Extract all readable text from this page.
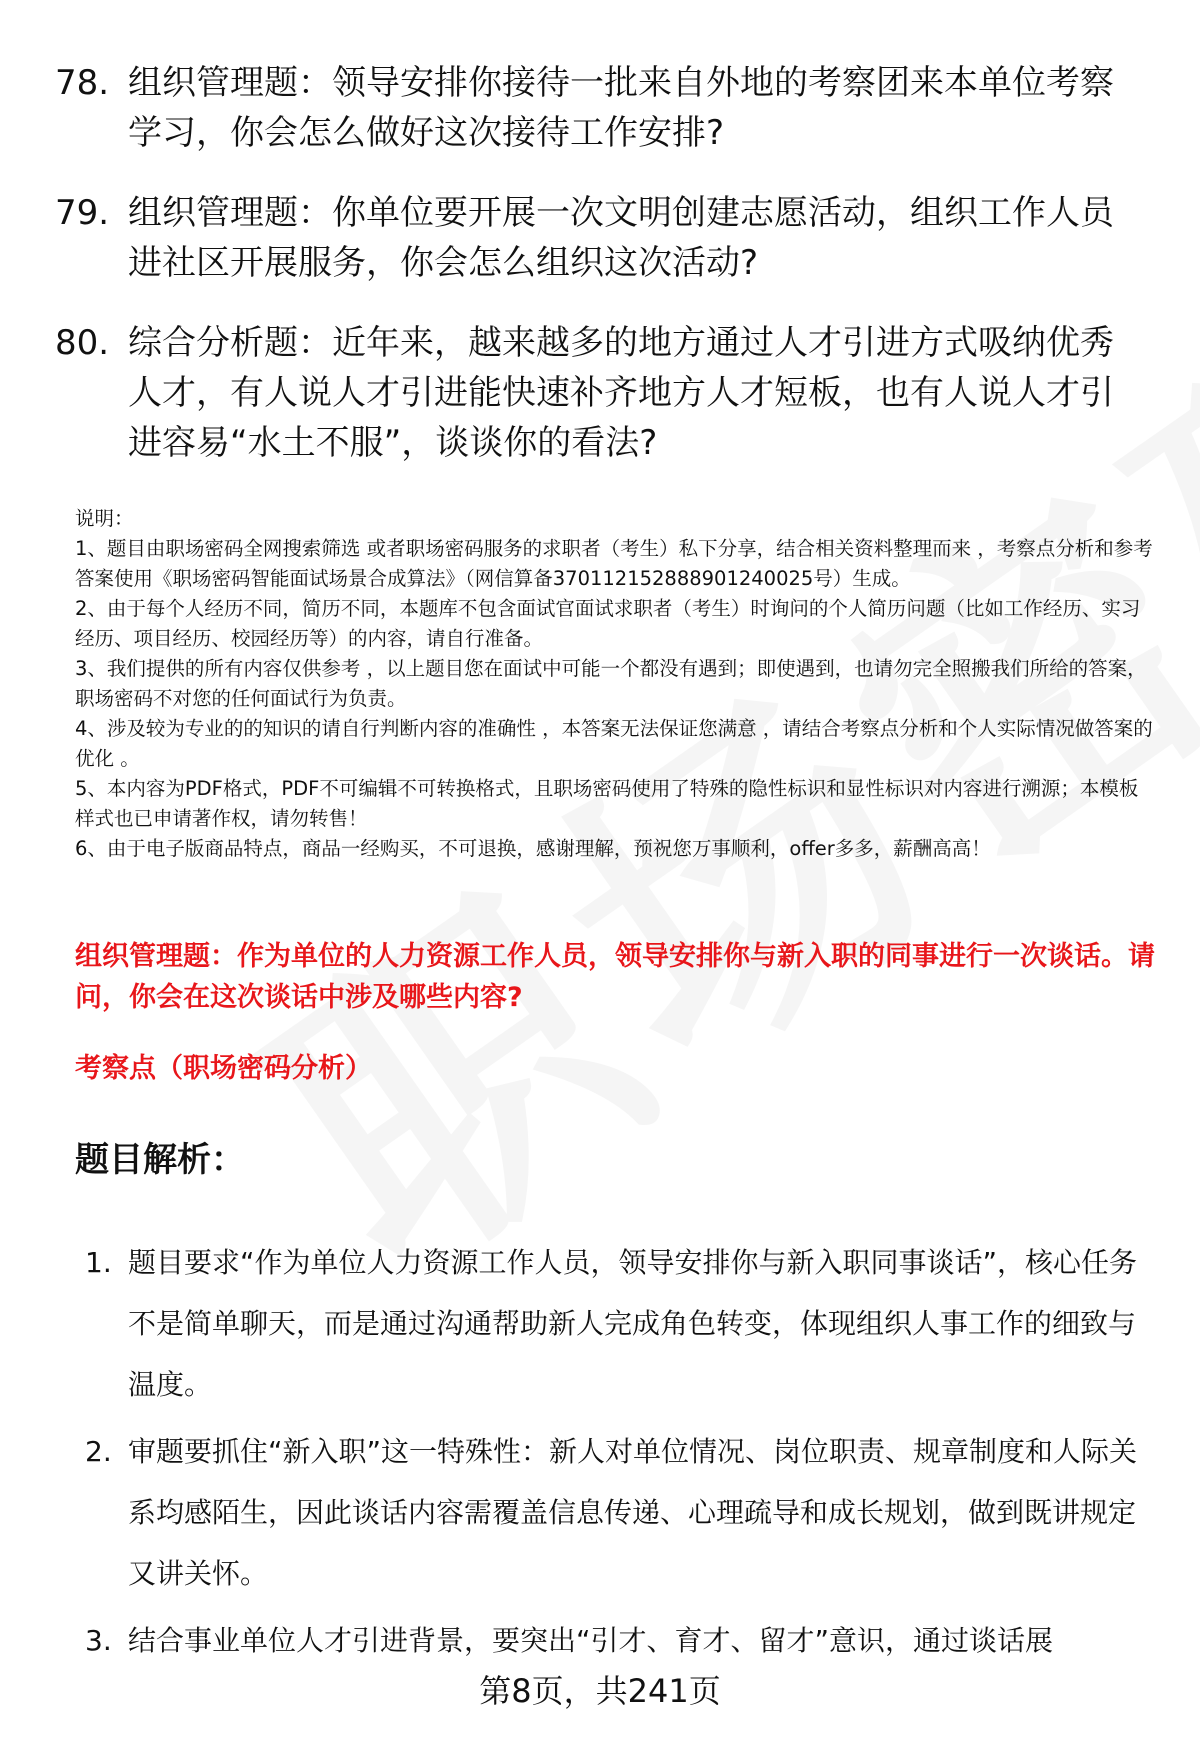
78. 组织管理题：领导安排你接待一批来自外地的考察团来本单位考察学习，你会怎么做好这次接待工作安排?
79. 组织管理题：你单位要开展一次文明创建志愿活动，组织工作人员进社区开展服务，你会怎么组织这次活动?
80. 综合分析题：近年来，越来越多的地方通过人才引进方式吸纳优秀人才，有人说人才引进能快速补齐地方人才短板，也有人说人才引进容易“水土不服”，谈谈你的看法?

说明：

1、题目由职场密码全网搜索筛选 或者职场密码服务的求职者（考生）私下分享，结合相关资料整理而来 ，考察点分析和参考答案使用《职场密码智能面试场景合成算法》（网信算备370112152888901240025号）生成。

2、由于每个人经历不同，简历不同，本题库不包含面试官面试求职者（考生）时询问的个人简历问题（比如工作经历、实习经历、项目经历、校园经历等）的内容，请自行准备。

3、我们提供的所有内容仅供参考 ，以上题目您在面试中可能一个都没有遇到；即使遇到，也请勿完全照搬我们所给的答案，职场密码不对您的任何面试行为负责。

4、涉及较为专业的的知识的请自行判断内容的准确性 ，本答案无法保证您满意 ，请结合考察点分析和个人实际情况做答案的优化 。

5、本内容为PDF格式，PDF不可编辑不可转换格式，且职场密码使用了特殊的隐性标识和显性标识对内容进行溯源；本模板样式也已申请著作权，请勿转售！

6、由于电子版商品特点，商品一经购买，不可退换，感谢理解，预祝您万事顺利，offer多多，薪酬高高！

组织管理题：作为单位的人力资源工作人员，领导安排你与新入职的同事进行一次谈话。请问，你会在这次谈话中涉及哪些内容?
考察点（职场密码分析）
题目解析：
1. 题目要求“作为单位人力资源工作人员，领导安排你与新入职同事谈话”，核心任务不是简单聊天，而是通过沟通帮助新人完成角色转变，体现组织人事工作的细致与温度。
2. 审题要抓住“新入职”这一特殊性：新人对单位情况、岗位职责、规章制度和人际关系均感陌生，因此谈话内容需覆盖信息传递、心理疏导和成长规划，做到既讲规定又讲关怀。
3. 结合事业单位人才引进背景，要突出“引才、育才、留才”意识，通过谈话展
第8页，共241页
